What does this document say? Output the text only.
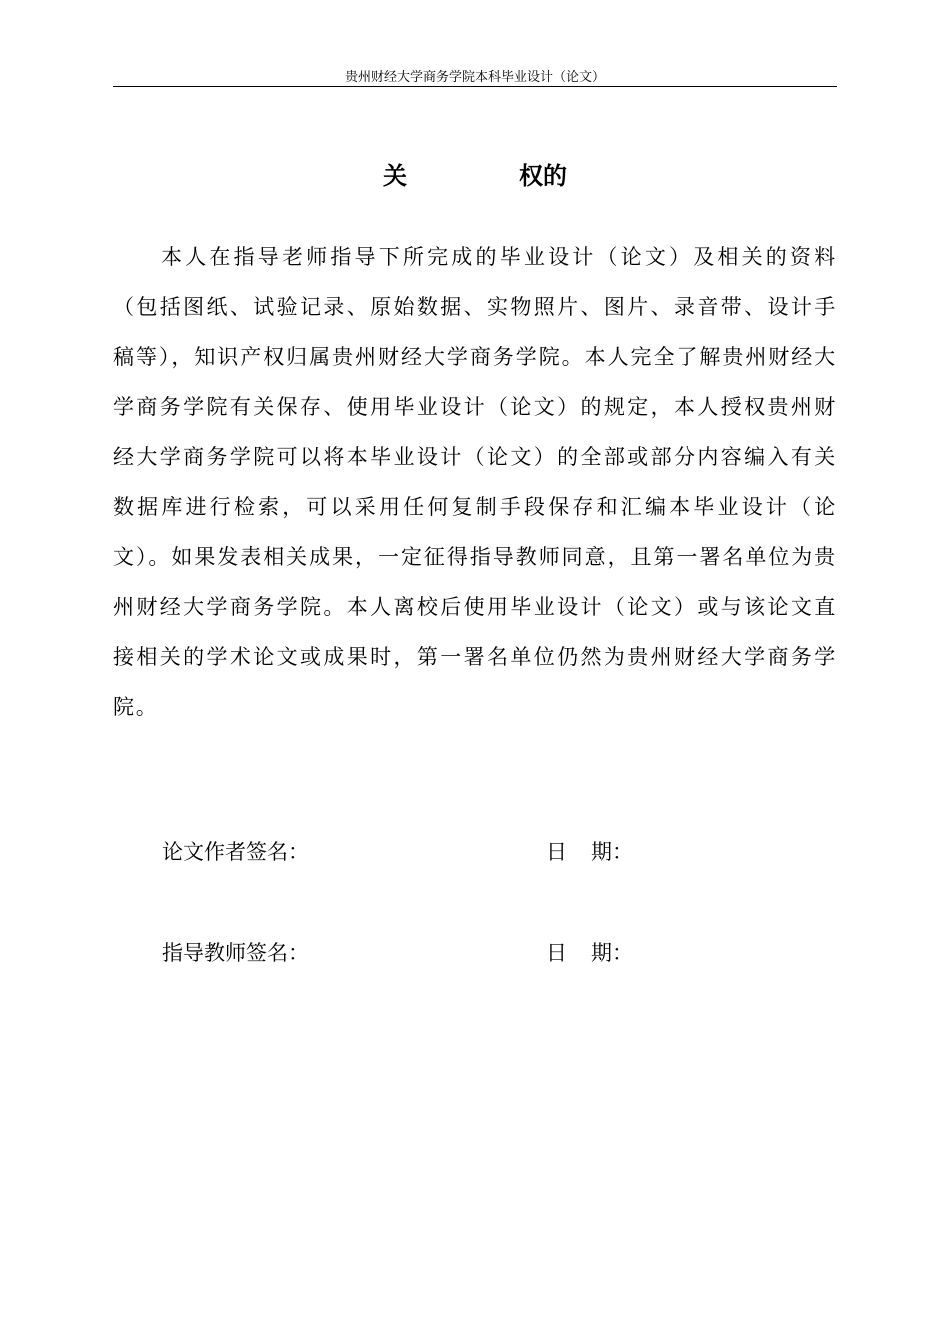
贵州财经大学商务学院本科毕业设计（论文）
关	权的

本人在指导老师指导下所完成的毕业设计（论文）及相关的资料（包括图纸、试验记录、原始数据、实物照片、图片、录音带、设计手稿等），知识产权归属贵州财经大学商务学院。本人完全了解贵州财经大学商务学院有关保存、使用毕业设计（论文）的规定，本人授权贵州财经大学商务学院可以将本毕业设计（论文）的全部或部分内容编入有关数据库进行检索，可以采用任何复制手段保存和汇编本毕业设计（论文）。如果发表相关成果，一定征得指导教师同意，且第一署名单位为贵州财经大学商务学院。本人离校后使用毕业设计（论文）或与该论文直接相关的学术论文或成果时，第一署名单位仍然为贵州财经大学商务学院。

论文作者签名：	日 期：
指导教师签名：	日 期：
